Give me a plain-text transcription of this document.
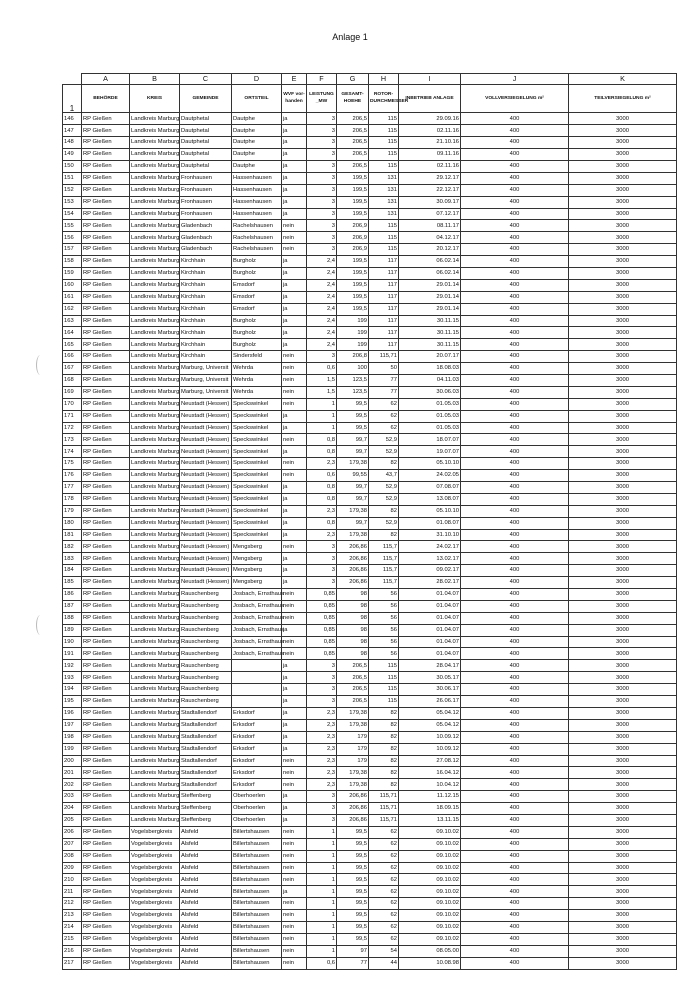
Anlage 1
	A	B	C	D	E	F	G	H	I	J	K
1	BEHÖRDE	KREIS	GEMEINDE	ORTSTEIL	WVF vor-handen	LEISTUNG _MW	GESAMT-HOEHE	ROTOR-DURCHMESSER	INBETRIEB ANLAGE	VOLLVERSIEGELUNG m²	TEILVERSIEGELUNG m²
146	RP Gießen	Landkreis Marburg	Dautphetal	Dautphe	ja	3	206,5	115	29.09.16	400	3000
147	RP Gießen	Landkreis Marburg	Dautphetal	Dautphe	ja	3	206,5	115	02.11.16	400	3000
148	RP Gießen	Landkreis Marburg	Dautphetal	Dautphe	ja	3	206,5	115	21.10.16	400	3000
149	RP Gießen	Landkreis Marburg	Dautphetal	Dautphe	ja	3	206,5	115	09.11.16	400	3000
150	RP Gießen	Landkreis Marburg	Dautphetal	Dautphe	ja	3	206,5	115	02.11.16	400	3000
151	RP Gießen	Landkreis Marburg	Fronhausen	Hassenhausen	ja	3	199,5	131	29.12.17	400	3000
152	RP Gießen	Landkreis Marburg	Fronhausen	Hassenhausen	ja	3	199,5	131	22.12.17	400	3000
153	RP Gießen	Landkreis Marburg	Fronhausen	Hassenhausen	ja	3	199,5	131	30.09.17	400	3000
154	RP Gießen	Landkreis Marburg	Fronhausen	Hassenhausen	ja	3	199,5	131	07.12.17	400	3000
155	RP Gießen	Landkreis Marburg	Gladenbach	Rachelshausen	nein	3	206,9	115	08.11.17	400	3000
156	RP Gießen	Landkreis Marburg	Gladenbach	Rachelshausen	nein	3	206,9	115	04.12.17	400	3000
157	RP Gießen	Landkreis Marburg	Gladenbach	Rachelshausen	nein	3	206,9	115	20.12.17	400	3000
158	RP Gießen	Landkreis Marburg	Kirchhain	Burgholz	ja	2,4	199,5	117	06.02.14	400	3000
159	RP Gießen	Landkreis Marburg	Kirchhain	Burgholz	ja	2,4	199,5	117	06.02.14	400	3000
160	RP Gießen	Landkreis Marburg	Kirchhain	Emsdorf	ja	2,4	199,5	117	29.01.14	400	3000
161	RP Gießen	Landkreis Marburg	Kirchhain	Emsdorf	ja	2,4	199,5	117	29.01.14	400	3000
162	RP Gießen	Landkreis Marburg	Kirchhain	Emsdorf	ja	2,4	199,5	117	29.01.14	400	3000
163	RP Gießen	Landkreis Marburg	Kirchhain	Burgholz	ja	2,4	199	117	30.11.15	400	3000
164	RP Gießen	Landkreis Marburg	Kirchhain	Burgholz	ja	2,4	199	117	30.11.15	400	3000
165	RP Gießen	Landkreis Marburg	Kirchhain	Burgholz	ja	2,4	199	117	30.11.15	400	3000
166	RP Gießen	Landkreis Marburg	Kirchhain	Sindersfeld	nein	3	206,8	115,71	20.07.17	400	3000
167	RP Gießen	Landkreis Marburg	Marburg, Universit	Wehrda	nein	0,6	100	50	18.08.03	400	3000
168	RP Gießen	Landkreis Marburg	Marburg, Universit	Wehrda	nein	1,5	123,5	77	04.11.03	400	3000
169	RP Gießen	Landkreis Marburg	Marburg, Universit	Wehrda	nein	1,5	123,5	77	30.06.03	400	3000
170	RP Gießen	Landkreis Marburg	Neustadt (Hessen)	Speckswinkel	nein	1	99,5	62	01.05.03	400	3000
171	RP Gießen	Landkreis Marburg	Neustadt (Hessen)	Speckswinkel	ja	1	99,5	62	01.05.03	400	3000
172	RP Gießen	Landkreis Marburg	Neustadt (Hessen)	Speckswinkel	ja	1	99,5	62	01.05.03	400	3000
173	RP Gießen	Landkreis Marburg	Neustadt (Hessen)	Speckswinkel	nein	0,8	99,7	52,9	18.07.07	400	3000
174	RP Gießen	Landkreis Marburg	Neustadt (Hessen)	Speckswinkel	ja	0,8	99,7	52,9	19.07.07	400	3000
175	RP Gießen	Landkreis Marburg	Neustadt (Hessen)	Speckswinkel	nein	2,3	179,38	82	05.10.10	400	3000
176	RP Gießen	Landkreis Marburg	Neustadt (Hessen)	Speckswinkel	nein	0,6	99,55	43,7	24.02.05	400	3000
177	RP Gießen	Landkreis Marburg	Neustadt (Hessen)	Speckswinkel	ja	0,8	99,7	52,9	07.08.07	400	3000
178	RP Gießen	Landkreis Marburg	Neustadt (Hessen)	Speckswinkel	ja	0,8	99,7	52,9	13.08.07	400	3000
179	RP Gießen	Landkreis Marburg	Neustadt (Hessen)	Speckswinkel	ja	2,3	179,38	82	05.10.10	400	3000
180	RP Gießen	Landkreis Marburg	Neustadt (Hessen)	Speckswinkel	ja	0,8	99,7	52,9	01.08.07	400	3000
181	RP Gießen	Landkreis Marburg	Neustadt (Hessen)	Speckswinkel	ja	2,3	179,38	82	31.10.10	400	3000
182	RP Gießen	Landkreis Marburg	Neustadt (Hessen)	Mengsberg	nein	3	206,86	115,7	24.02.17	400	3000
183	RP Gießen	Landkreis Marburg	Neustadt (Hessen)	Mengsberg	ja	3	206,86	115,7	13.02.17	400	3000
184	RP Gießen	Landkreis Marburg	Neustadt (Hessen)	Mengsberg	ja	3	206,86	115,7	09.02.17	400	3000
185	RP Gießen	Landkreis Marburg	Neustadt (Hessen)	Mengsberg	ja	3	206,86	115,7	28.02.17	400	3000
186	RP Gießen	Landkreis Marburg	Rauschenberg	Josbach, Ernsthaus	nein	0,85	98	56	01.04.07	400	3000
187	RP Gießen	Landkreis Marburg	Rauschenberg	Josbach, Ernsthaus	nein	0,85	98	56	01.04.07	400	3000
188	RP Gießen	Landkreis Marburg	Rauschenberg	Josbach, Ernsthaus	nein	0,85	98	56	01.04.07	400	3000
189	RP Gießen	Landkreis Marburg	Rauschenberg	Josbach, Ernsthaus	ja	0,85	98	56	01.04.07	400	3000
190	RP Gießen	Landkreis Marburg	Rauschenberg	Josbach, Ernsthaus	nein	0,85	98	56	01.04.07	400	3000
191	RP Gießen	Landkreis Marburg	Rauschenberg	Josbach, Ernsthaus	nein	0,85	98	56	01.04.07	400	3000
192	RP Gießen	Landkreis Marburg	Rauschenberg		ja	3	206,5	115	28.04.17	400	3000
193	RP Gießen	Landkreis Marburg	Rauschenberg		ja	3	206,5	115	30.05.17	400	3000
194	RP Gießen	Landkreis Marburg	Rauschenberg		ja	3	206,5	115	30.06.17	400	3000
195	RP Gießen	Landkreis Marburg	Rauschenberg		ja	3	206,5	115	26.06.17	400	3000
196	RP Gießen	Landkreis Marburg	Stadtallendorf	Erksdorf	ja	2,3	179,38	82	05.04.12	400	3000
197	RP Gießen	Landkreis Marburg	Stadtallendorf	Erksdorf	ja	2,3	179,38	82	05.04.12	400	3000
198	RP Gießen	Landkreis Marburg	Stadtallendorf	Erksdorf	ja	2,3	179	82	10.09.12	400	3000
199	RP Gießen	Landkreis Marburg	Stadtallendorf	Erksdorf	ja	2,3	179	82	10.09.12	400	3000
200	RP Gießen	Landkreis Marburg	Stadtallendorf	Erksdorf	nein	2,3	179	82	27.08.12	400	3000
201	RP Gießen	Landkreis Marburg	Stadtallendorf	Erksdorf	nein	2,3	179,38	82	16.04.12	400	3000
202	RP Gießen	Landkreis Marburg	Stadtallendorf	Erksdorf	nein	2,3	179,38	82	10.04.12	400	3000
203	RP Gießen	Landkreis Marburg	Steffenberg	Oberhoerlen	ja	3	206,86	115,71	11.12.15	400	3000
204	RP Gießen	Landkreis Marburg	Steffenberg	Oberhoerlen	ja	3	206,86	115,71	18.09.15	400	3000
205	RP Gießen	Landkreis Marburg	Steffenberg	Oberhoerlen	ja	3	206,86	115,71	13.11.15	400	3000
206	RP Gießen	Vogelsbergkreis	Alsfeld	Billertshausen	nein	1	99,5	62	09.10.02	400	3000
207	RP Gießen	Vogelsbergkreis	Alsfeld	Billertshausen	nein	1	99,5	62	09.10.02	400	3000
208	RP Gießen	Vogelsbergkreis	Alsfeld	Billertshausen	nein	1	99,5	62	09.10.02	400	3000
209	RP Gießen	Vogelsbergkreis	Alsfeld	Billertshausen	nein	1	99,5	62	09.10.02	400	3000
210	RP Gießen	Vogelsbergkreis	Alsfeld	Billertshausen	nein	1	99,5	62	09.10.02	400	3000
211	RP Gießen	Vogelsbergkreis	Alsfeld	Billertshausen	ja	1	99,5	62	09.10.02	400	3000
212	RP Gießen	Vogelsbergkreis	Alsfeld	Billertshausen	nein	1	99,5	62	09.10.02	400	3000
213	RP Gießen	Vogelsbergkreis	Alsfeld	Billertshausen	nein	1	99,5	62	09.10.02	400	3000
214	RP Gießen	Vogelsbergkreis	Alsfeld	Billertshausen	nein	1	99,5	62	09.10.02	400	3000
215	RP Gießen	Vogelsbergkreis	Alsfeld	Billertshausen	nein	1	99,5	62	09.10.02	400	3000
216	RP Gießen	Vogelsbergkreis	Alsfeld	Billertshausen	nein	1	97	54	08.05.00	400	3000
217	RP Gießen	Vogelsbergkreis	Alsfeld	Billertshausen	nein	0,6	77	44	10.08.98	400	3000
